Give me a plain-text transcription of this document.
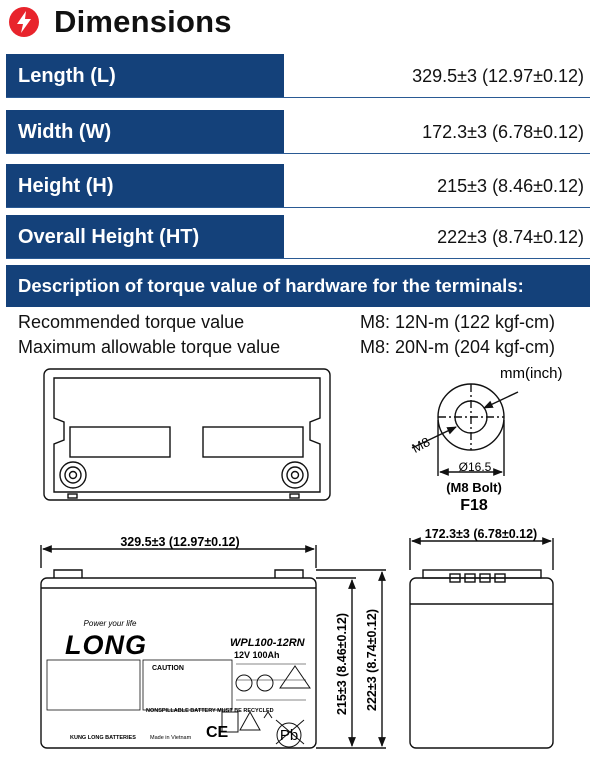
Dimensions
Length (L)	329.5±3 (12.97±0.12)
Width (W)	172.3±3 (6.78±0.12)
Height (H)	215±3 (8.46±0.12)
Overall Height (HT)	222±3 (8.74±0.12)
Description of torque value of hardware for the terminals:
Recommended torque value	M8: 12N-m (122 kgf-cm)
Maximum allowable torque value	M8: 20N-m (204 kgf-cm)
mm(inch)
M8
Ø16.5
(M8 Bolt)
F18
329.5±3 (12.97±0.12)
172.3±3 (6.78±0.12)
215±3 (8.46±0.12) 222±3 (8.74±0.12)
Power your life
LONG	WPL100-12RN
12V 100Ah
CAUTION
NONSPILLABLE BATTERY MUST BE RECYCLED
KUNG LONG BATTERIES	Made in Vietnam CE	Pb
